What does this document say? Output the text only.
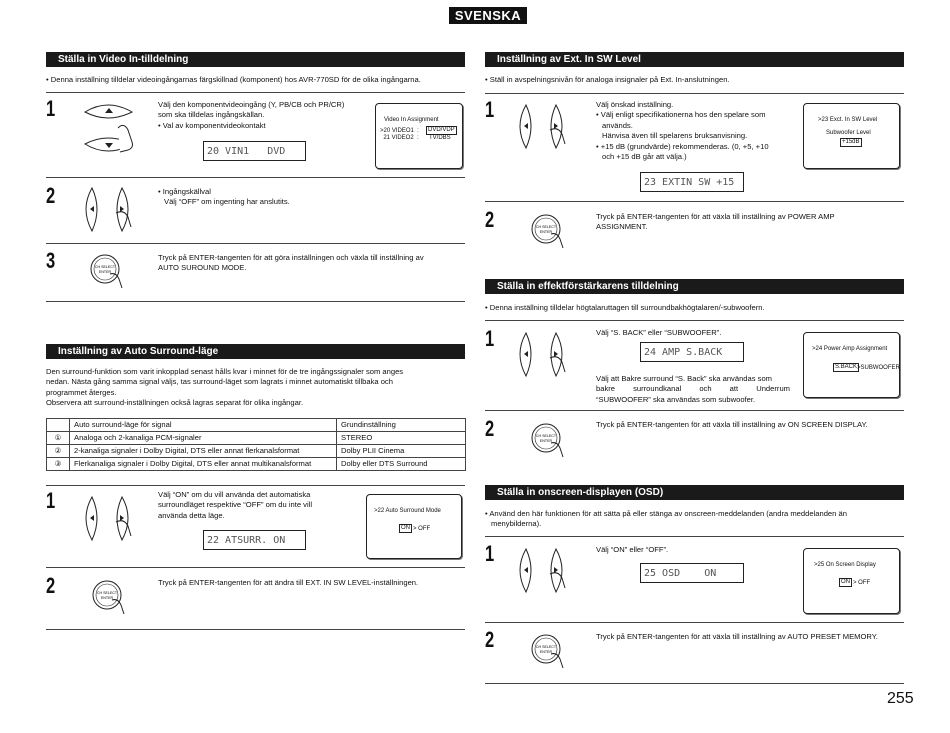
SVENSKA
Ställa in Video In-tilldelning
• Denna inställning tilldelar videoingångarnas färgskillnad (komponent) hos AVR-770SD för de olika ingångarna.
1	Välj den komponentvideoingång (Y, PB/CB och PR/CR)
som ska tilldelas ingångskällan.
• Val av komponentvideokontakt
20 VIN1   DVD
Video In Assignment
>20 VIDEO1  :	DVD/VDP
21 VIDEO2  : TV/DBS
2	• Ingångskällval
Välj “OFF” om ingenting har anslutits.
3	CH SELECT
ENTER
Tryck på ENTER-tangenten för att göra inställningen och växla till inställning av
AUTO SUROUND MODE.
Inställning av Auto Surround-läge
Den surround-funktion som varit inkopplad senast hålls kvar i minnet för de tre ingångssignaler som anges
nedan. Nästa gång samma signal väljs, tas surround-läget som lagrats i minnet automatiskt tillbaka och
programmet återges.
Observera att surround-inställningen också lagras separat för olika ingångar.
	Auto surround-läge för signal	Grundinställning
①	Analoga och 2-kanaliga PCM-signaler	STEREO
②	2-kanaliga signaler i Dolby Digital, DTS eller annat flerkanalsformat	Dolby PLII Cinema
③	Flerkanaliga signaler i Dolby Digital, DTS eller annat multikanalsformat	Dolby eller DTS Surround
1	Välj “ON” om du vill använda det automatiska
surroundläget respektive “OFF” om du inte vill
använda detta läge.
22 ATSURR. ON
>22 Auto Surround Mode
ON > OFF
2	CH SELECT
ENTER
Tryck på ENTER-tangenten för att ändra till EXT. IN SW LEVEL-inställningen.
Inställning av Ext. In SW Level
• Ställ in avspelningsnivån för analoga insignaler på Ext. In-anslutningen.
1	Välj önskad inställning.
• Välj enligt specifikationerna hos den spelare som
används.
Hänvisa även till spelarens bruksanvisning.
• +15 dB (grundvärde) rekommenderas. (0, +5, +10
och +15 dB går att välja.)
23 EXTIN SW +15
>23 Exct. In SW Level
Subwoofer Level
+15dB
2	CH SELECT
ENTER
Tryck på ENTER-tangenten för att växla till inställning av POWER AMP
ASSIGNMENT.
Ställa in effektförstärkarens tilldelning
• Denna inställning tilldelar högtalaruttagen till surroundbakhögtalaren/-subwoofern.
1	Välj “S. BACK” eller “SUBWOOFER”.
24 AMP S.BACK
Välj att Bakre surround “S. Back” ska användas som
bakre surroundkanal och att Underrum
“SUBWOOFER” ska användas som subwoofer.
>24 Power Amp Assignment
S.BACK >SUBWOOFER
2	CH SELECT
ENTER
Tryck på ENTER-tangenten för att växla till inställning av ON SCREEN DISPLAY.
Ställa in onscreen-displayen (OSD)
• Använd den här funktionen för att sätta på eller stänga av onscreen-meddelanden (andra meddelanden än
menybilderna).
1	Välj “ON” eller “OFF”.
25 OSD    ON
>25 On Screen Display
ON > OFF
2	CH SELECT
ENTER
Tryck på ENTER-tangenten för att växla till inställning av AUTO PRESET MEMORY.
255
